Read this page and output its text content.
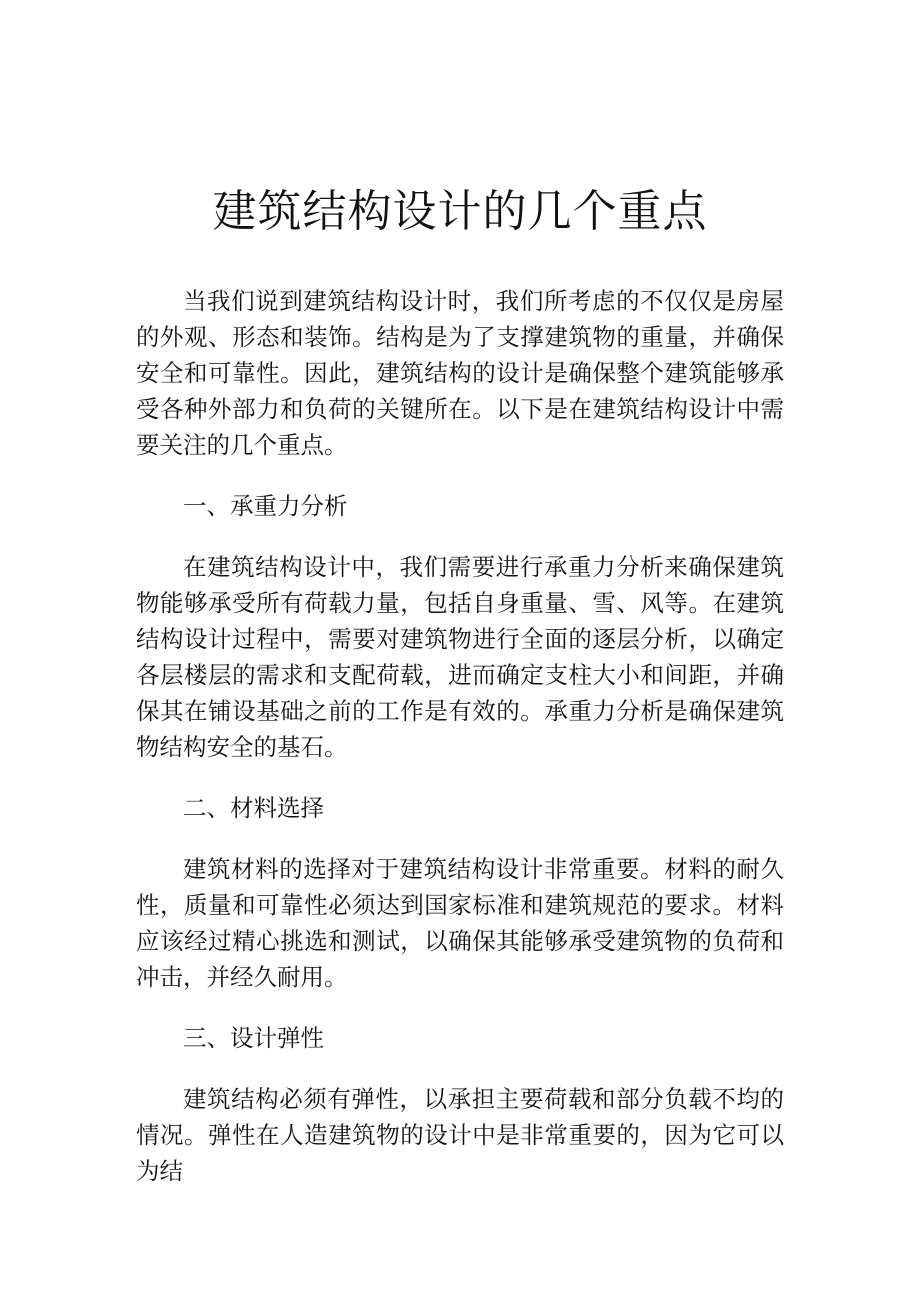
建筑结构设计的几个重点

当我们说到建筑结构设计时，我们所考虑的不仅仅是房屋的外观、形态和装饰。结构是为了支撑建筑物的重量，并确保安全和可靠性。因此，建筑结构的设计是确保整个建筑能够承受各种外部力和负荷的关键所在。以下是在建筑结构设计中需要关注的几个重点。

一、承重力分析

在建筑结构设计中，我们需要进行承重力分析来确保建筑物能够承受所有荷载力量，包括自身重量、雪、风等。在建筑结构设计过程中，需要对建筑物进行全面的逐层分析，以确定各层楼层的需求和支配荷载，进而确定支柱大小和间距，并确保其在铺设基础之前的工作是有效的。承重力分析是确保建筑物结构安全的基石。

二、材料选择

建筑材料的选择对于建筑结构设计非常重要。材料的耐久性，质量和可靠性必须达到国家标准和建筑规范的要求。材料应该经过精心挑选和测试，以确保其能够承受建筑物的负荷和冲击，并经久耐用。

三、设计弹性

建筑结构必须有弹性，以承担主要荷载和部分负载不均的情况。弹性在人造建筑物的设计中是非常重要的，因为它可以为结
